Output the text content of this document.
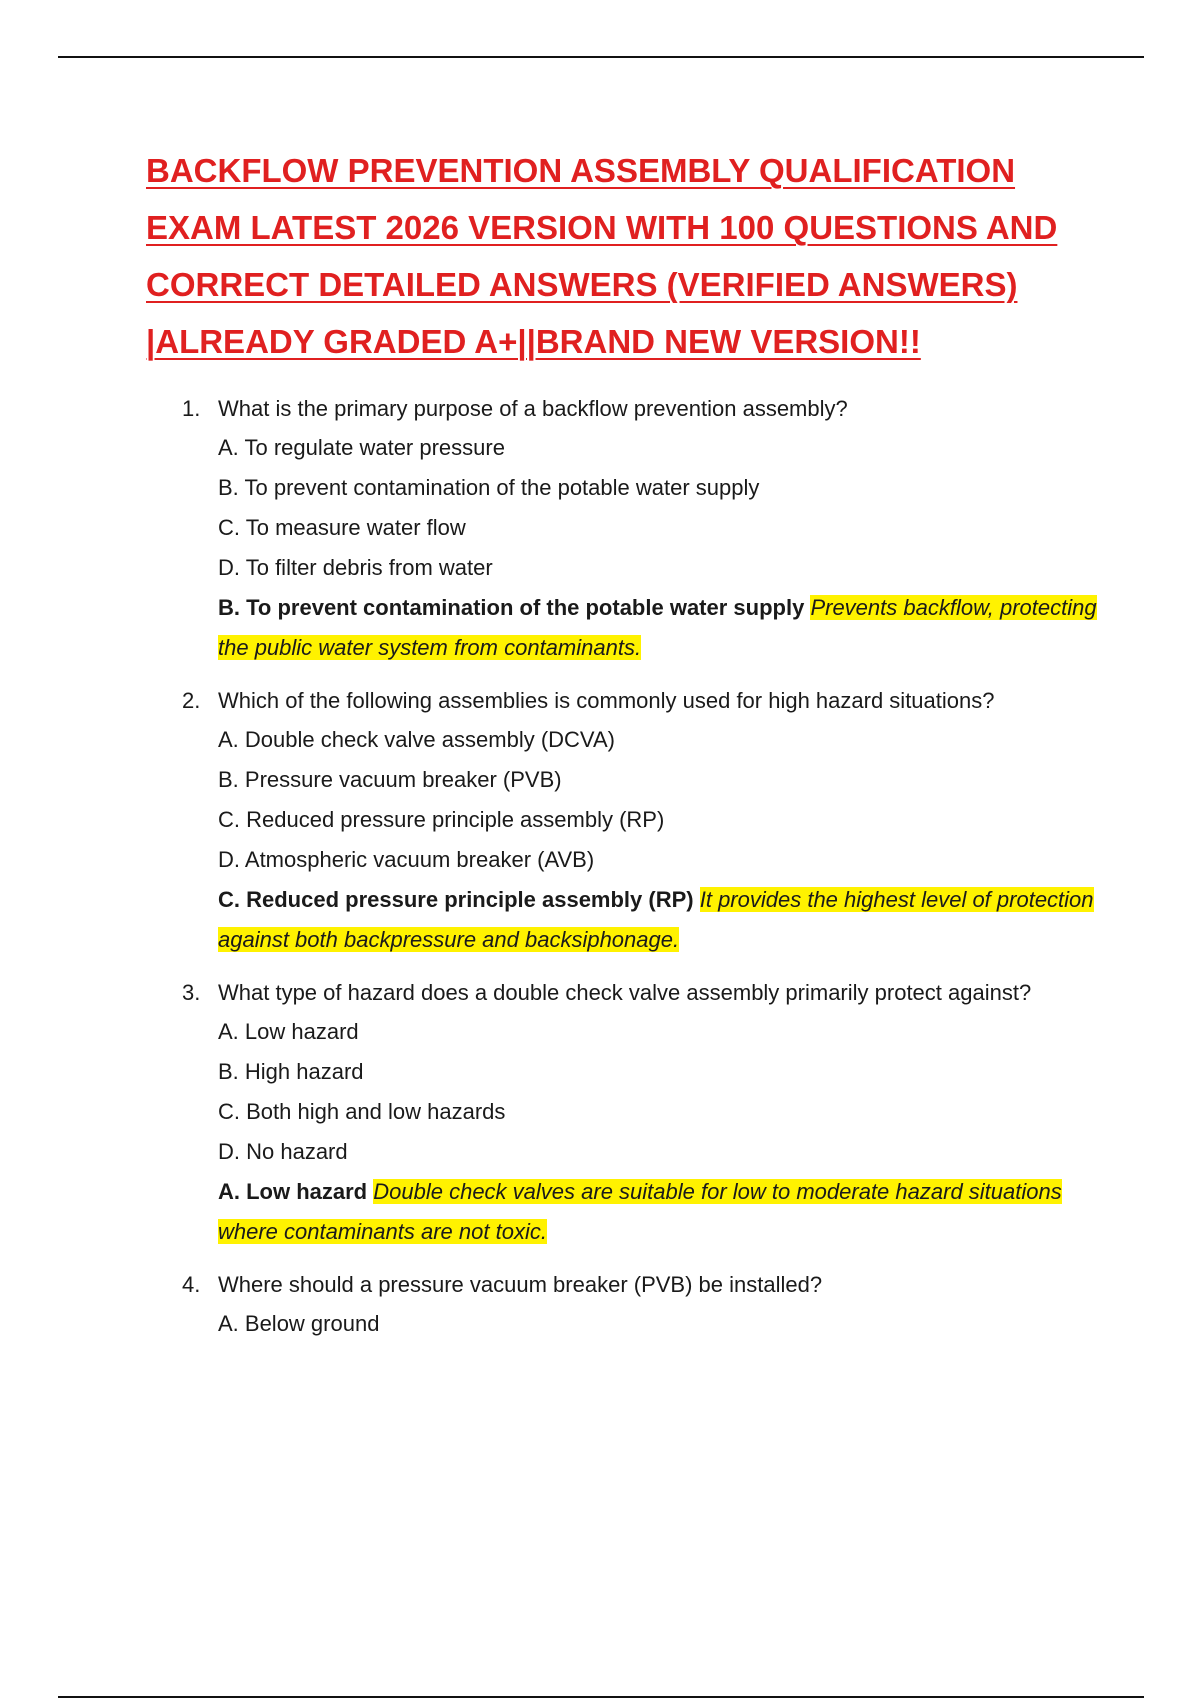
BACKFLOW PREVENTION ASSEMBLY QUALIFICATION EXAM LATEST 2026 VERSION WITH 100 QUESTIONS AND CORRECT DETAILED ANSWERS (VERIFIED ANSWERS) |ALREADY GRADED A+||BRAND NEW VERSION!!
1. What is the primary purpose of a backflow prevention assembly?
A. To regulate water pressure
B. To prevent contamination of the potable water supply
C. To measure water flow
D. To filter debris from water
B. To prevent contamination of the potable water supply Prevents backflow, protecting the public water system from contaminants.
2. Which of the following assemblies is commonly used for high hazard situations?
A. Double check valve assembly (DCVA)
B. Pressure vacuum breaker (PVB)
C. Reduced pressure principle assembly (RP)
D. Atmospheric vacuum breaker (AVB)
C. Reduced pressure principle assembly (RP) It provides the highest level of protection against both backpressure and backsiphonage.
3. What type of hazard does a double check valve assembly primarily protect against?
A. Low hazard
B. High hazard
C. Both high and low hazards
D. No hazard
A. Low hazard Double check valves are suitable for low to moderate hazard situations where contaminants are not toxic.
4. Where should a pressure vacuum breaker (PVB) be installed?
A. Below ground
